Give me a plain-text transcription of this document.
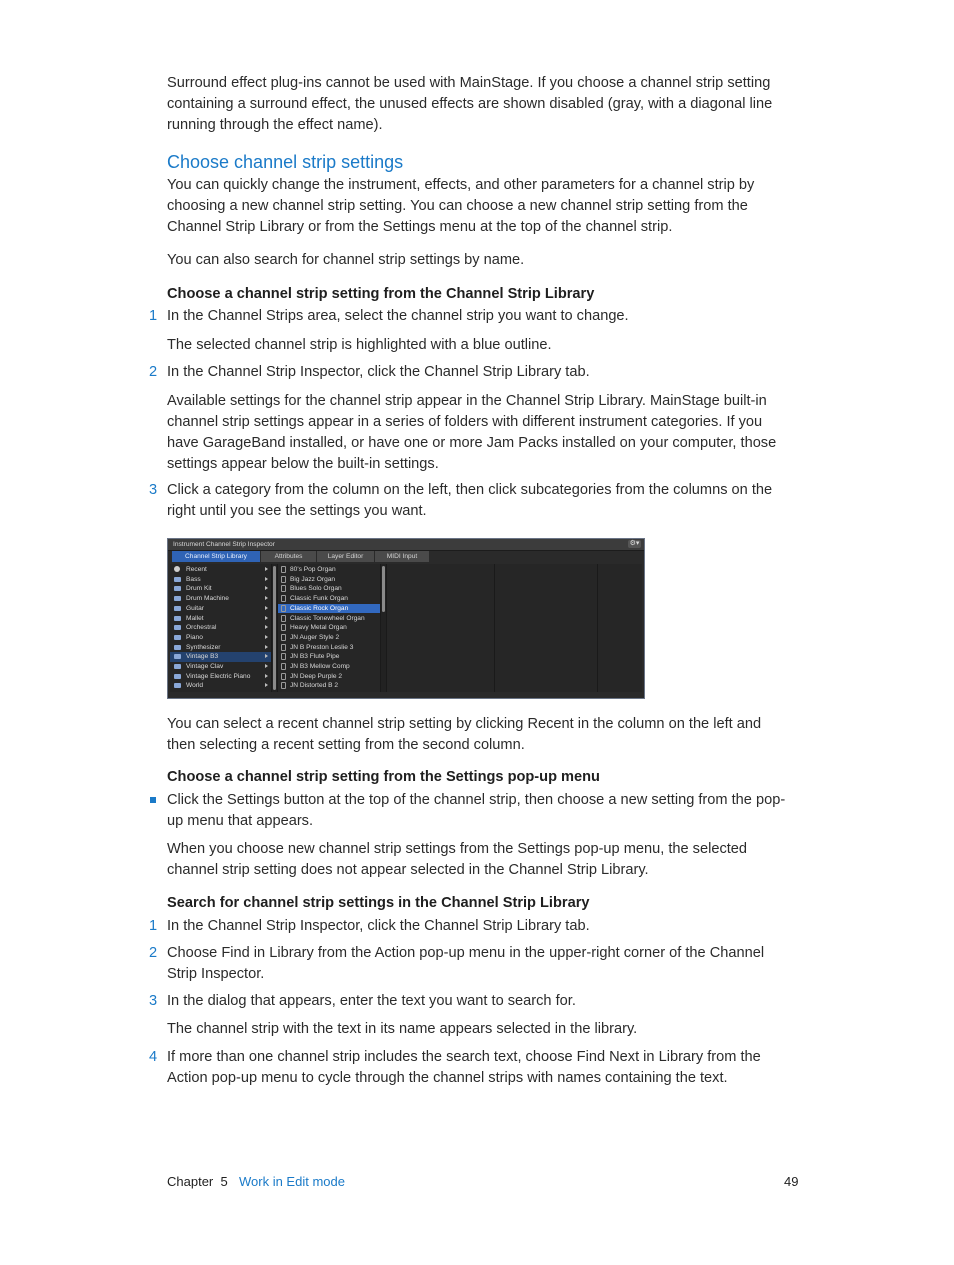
Surround effect plug-ins cannot be used with MainStage. If you choose a channel strip setting containing a surround effect, the unused effects are shown disabled (gray, with a diagonal line running through the effect name).

Choose channel strip settings

You can quickly change the instrument, effects, and other parameters for a channel strip by choosing a new channel strip setting. You can choose a new channel strip setting from the Channel Strip Library or from the Settings menu at the top of the channel strip.

You can also search for channel strip settings by name.

Choose a channel strip setting from the Channel Strip Library
1 In the Channel Strips area, select the channel strip you want to change.

The selected channel strip is highlighted with a blue outline.

2 In the Channel Strip Inspector, click the Channel Strip Library tab.

Available settings for the channel strip appear in the Channel Strip Library. MainStage built-in channel strip settings appear in a series of folders with different instrument categories. If you have GarageBand installed, or have one or more Jam Packs installed on your computer, those settings appear below the built-in settings.

3 Click a category from the column on the left, then click subcategories from the columns on the right until you see the settings you want.

Instrument Channel Strip Inspector	⚙▾
Channel Strip Library	Attributes	Layer Editor	MIDI Input
Recent
Bass
Drum Kit
Drum Machine
Guitar
Mallet
Orchestral
Piano
Synthesizer
Vintage B3
Vintage Clav
Vintage Electric Piano
World
80's Pop Organ
Big Jazz Organ
Blues Solo Organ
Classic Funk Organ
Classic Rock Organ
Classic Tonewheel Organ
Heavy Metal Organ
JN Auger Style 2
JN B Preston Leslie 3
JN B3 Flute Pipe
JN B3 Mellow Comp
JN Deep Purple 2
JN Distorted B 2

You can select a recent channel strip setting by clicking Recent in the column on the left and then selecting a recent setting from the second column.

Choose a channel strip setting from the Settings pop-up menu

Click the Settings button at the top of the channel strip, then choose a new setting from the pop-up menu that appears.

When you choose new channel strip settings from the Settings pop-up menu, the selected channel strip setting does not appear selected in the Channel Strip Library.

Search for channel strip settings in the Channel Strip Library
1 In the Channel Strip Inspector, click the Channel Strip Library tab.

2 Choose Find in Library from the Action pop-up menu in the upper-right corner of the Channel Strip Inspector.

3 In the dialog that appears, enter the text you want to search for.

The channel strip with the text in its name appears selected in the library.

4 If more than one channel strip includes the search text, choose Find Next in Library from the Action pop-up menu to cycle through the channel strips with names containing the text.

Chapter 5 Work in Edit mode	49
